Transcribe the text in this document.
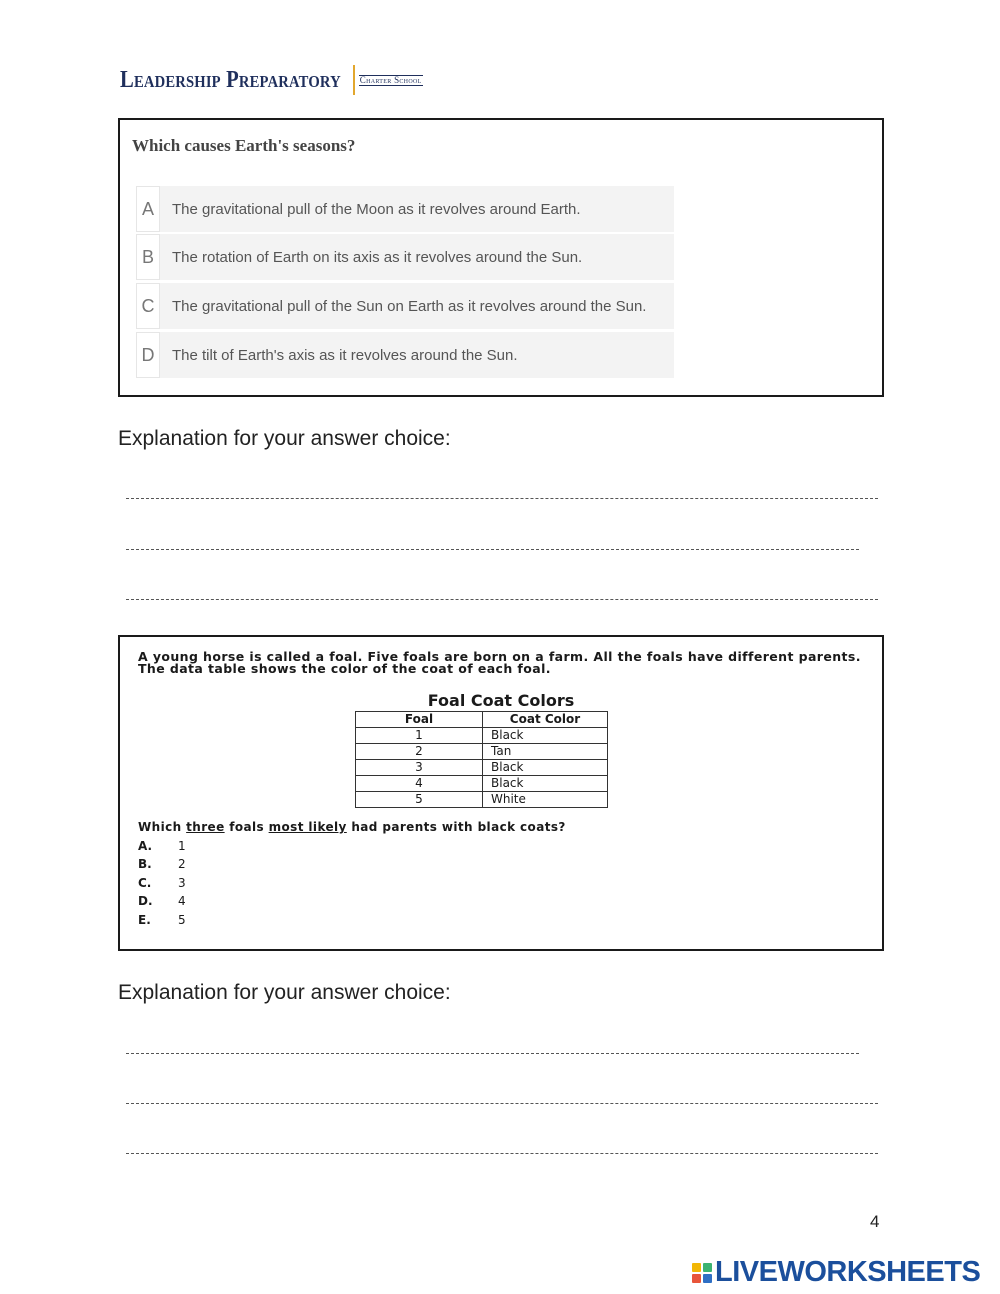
Leadership Preparatory Charter School
Which causes Earth's seasons?
A	The gravitational pull of the Moon as it revolves around Earth.
B	The rotation of Earth on its axis as it revolves around the Sun.
C	The gravitational pull of the Sun on Earth as it revolves around the Sun.
D	The tilt of Earth's axis as it revolves around the Sun.
Explanation for your answer choice:
A young horse is called a foal. Five foals are born on a farm. All the foals have different parents. The data table shows the color of the coat of each foal.
Foal Coat Colors
Foal	Coat Color
1	Black
2	Tan
3	Black
4	Black
5	White
Which three foals most likely had parents with black coats?
A.	1
B.	2
C.	3
D.	4
E.	5
Explanation for your answer choice:
4
LIVEWORKSHEETS
